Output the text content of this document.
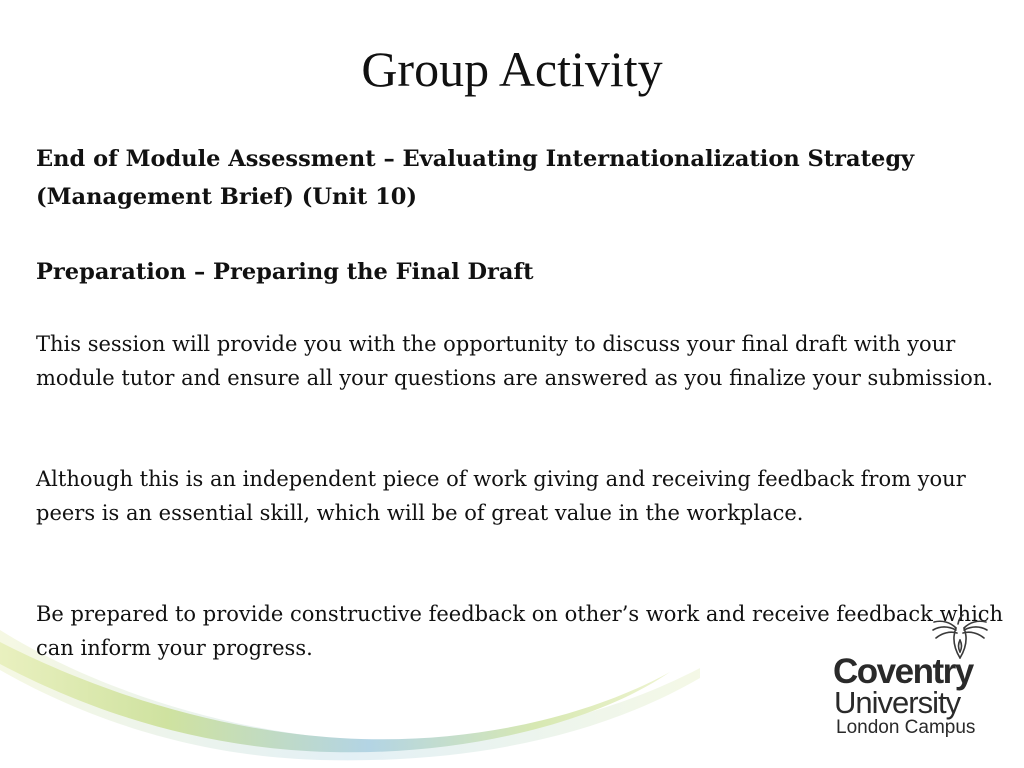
Group Activity

End of Module Assessment – Evaluating Internationalization Strategy (Management Brief) (Unit 10)

Preparation – Preparing the Final Draft

This session will provide you with the opportunity to discuss your final draft with your module tutor and ensure all your questions are answered as you finalize your submission.

Although this is an independent piece of work giving and receiving feedback from your peers is an essential skill, which will be of great value in the workplace.

Be prepared to provide constructive feedback on other’s work and receive feedback which can inform your progress.

Coventry
University
London Campus
